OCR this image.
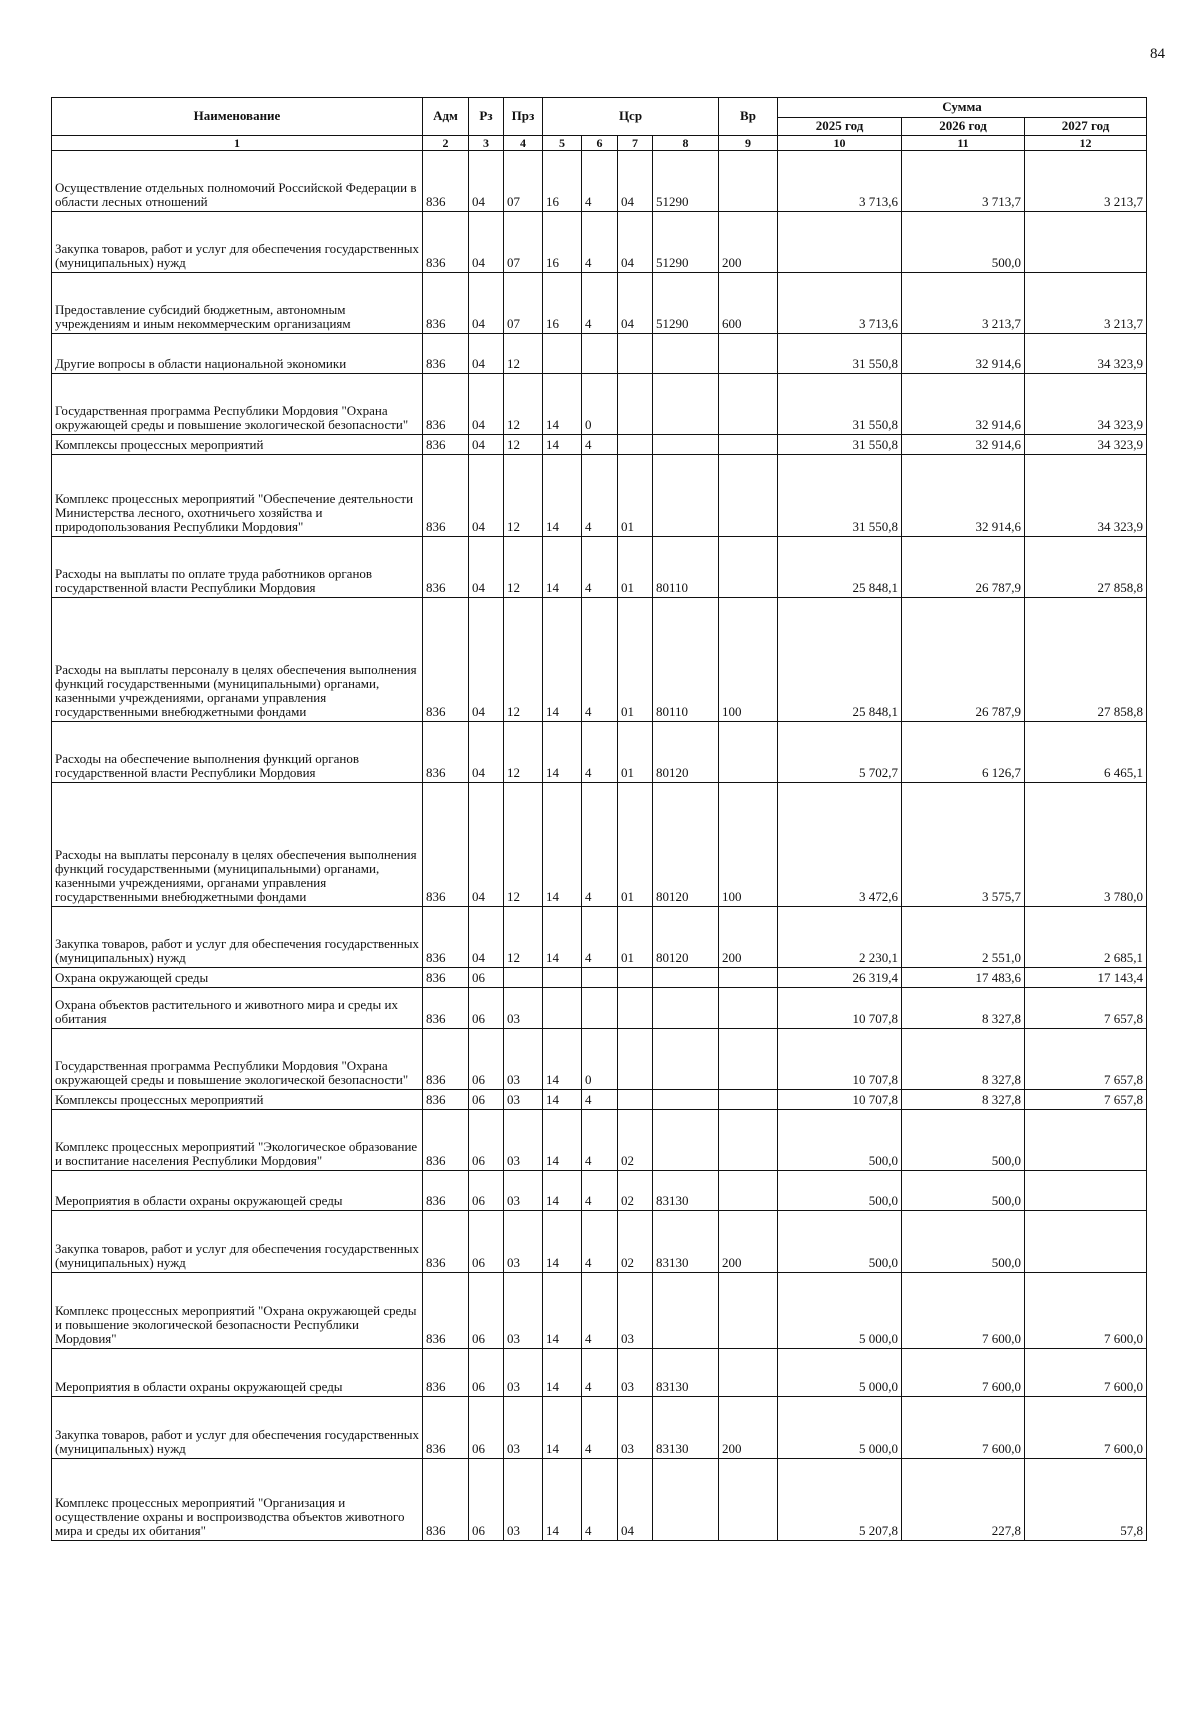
84
Наименование	Адм	Рз	Прз	Цср				Вр	Сумма		
									2025 год	2026 год	2027 год
1	2	3	4	5	6	7	8	9	10	11	12
Осуществление отдельных полномочий Российской Федерации в области лесных отношений	836	04	07	16	4	04	51290		3 713,6	3 713,7	3 213,7
Закупка товаров, работ и услуг для обеспечения государственных (муниципальных) нужд	836	04	07	16	4	04	51290	200		500,0	
Предоставление субсидий бюджетным, автономным учреждениям и иным некоммерческим организациям	836	04	07	16	4	04	51290	600	3 713,6	3 213,7	3 213,7
Другие вопросы в области национальной экономики	836	04	12						31 550,8	32 914,6	34 323,9
Государственная программа Республики Мордовия "Охрана окружающей среды и повышение экологической безопасности"	836	04	12	14	0				31 550,8	32 914,6	34 323,9
Комплексы процессных мероприятий	836	04	12	14	4				31 550,8	32 914,6	34 323,9
Комплекс процессных мероприятий "Обеспечение деятельности Министерства лесного, охотничьего хозяйства и природопользования Республики Мордовия"	836	04	12	14	4	01			31 550,8	32 914,6	34 323,9
Расходы на выплаты по оплате труда работников органов государственной власти Республики Мордовия	836	04	12	14	4	01	80110		25 848,1	26 787,9	27 858,8
Расходы на выплаты персоналу в целях обеспечения выполнения функций государственными (муниципальными) органами, казенными учреждениями, органами управления государственными внебюджетными фондами	836	04	12	14	4	01	80110	100	25 848,1	26 787,9	27 858,8
Расходы на обеспечение выполнения функций органов государственной власти Республики Мордовия	836	04	12	14	4	01	80120		5 702,7	6 126,7	6 465,1
Расходы на выплаты персоналу в целях обеспечения выполнения функций государственными (муниципальными) органами, казенными учреждениями, органами управления государственными внебюджетными фондами	836	04	12	14	4	01	80120	100	3 472,6	3 575,7	3 780,0
Закупка товаров, работ и услуг для обеспечения государственных (муниципальных) нужд	836	04	12	14	4	01	80120	200	2 230,1	2 551,0	2 685,1
Охрана окружающей среды	836	06							26 319,4	17 483,6	17 143,4
Охрана объектов растительного и животного мира и среды их обитания	836	06	03						10 707,8	8 327,8	7 657,8
Государственная программа Республики Мордовия "Охрана окружающей среды и повышение экологической безопасности"	836	06	03	14	0				10 707,8	8 327,8	7 657,8
Комплексы процессных мероприятий	836	06	03	14	4				10 707,8	8 327,8	7 657,8
Комплекс процессных мероприятий "Экологическое образование и воспитание населения Республики Мордовия"	836	06	03	14	4	02			500,0	500,0	
Мероприятия в области охраны окружающей среды	836	06	03	14	4	02	83130		500,0	500,0	
Закупка товаров, работ и услуг для обеспечения государственных (муниципальных) нужд	836	06	03	14	4	02	83130	200	500,0	500,0	
Комплекс процессных мероприятий "Охрана окружающей среды и повышение экологической безопасности Республики Мордовия"	836	06	03	14	4	03			5 000,0	7 600,0	7 600,0
Мероприятия в области охраны окружающей среды	836	06	03	14	4	03	83130		5 000,0	7 600,0	7 600,0
Закупка товаров, работ и услуг для обеспечения государственных (муниципальных) нужд	836	06	03	14	4	03	83130	200	5 000,0	7 600,0	7 600,0
Комплекс процессных мероприятий "Организация и осуществление охраны и воспроизводства объектов животного мира и среды их обитания"	836	06	03	14	4	04			5 207,8	227,8	57,8
